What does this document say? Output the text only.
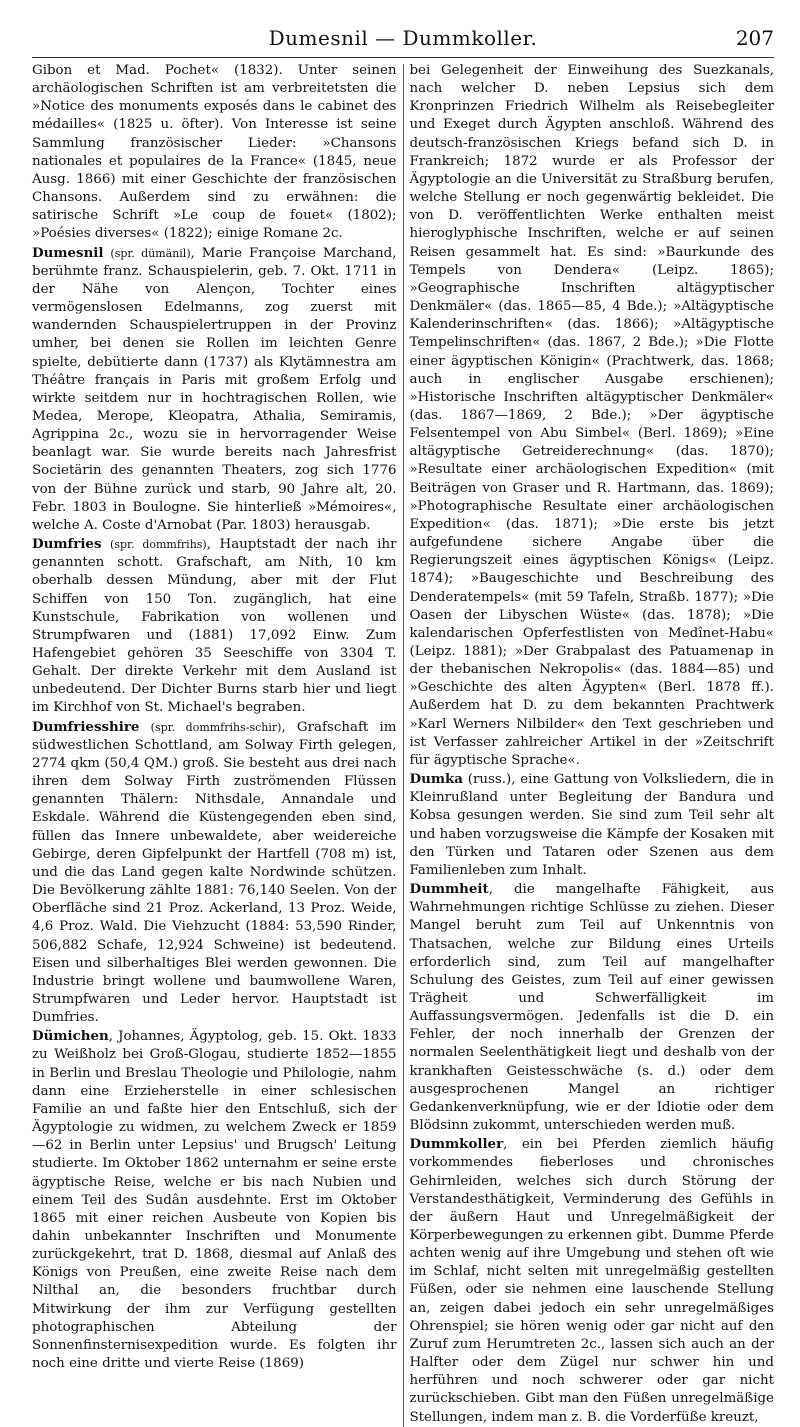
Dumesnil — Dummkoller.	207

Gibon et Mad. Pochet« (1832). Unter seinen archäologischen Schriften ist am verbreitetsten die »Notice des monuments exposés dans le cabinet des médailles« (1825 u. öfter). Von Interesse ist seine Sammlung französischer Lieder: »Chansons nationales et populaires de la France« (1845, neue Ausg. 1866) mit einer Geschichte der französischen Chansons. Außerdem sind zu erwähnen: die satirische Schrift »Le coup de fouet« (1802); »Poésies diverses« (1822); einige Romane 2c.

Dumesnil (spr. dümänil), Marie Françoise Marchand, berühmte franz. Schauspielerin, geb. 7. Okt. 1711 in der Nähe von Alençon, Tochter eines vermögenslosen Edelmanns, zog zuerst mit wandernden Schauspielertruppen in der Provinz umher, bei denen sie Rollen im leichten Genre spielte, debütierte dann (1737) als Klytämnestra am Théâtre français in Paris mit großem Erfolg und wirkte seitdem nur in hochtragischen Rollen, wie Medea, Merope, Kleopatra, Athalia, Semiramis, Agrippina 2c., wozu sie in hervorragender Weise beanlagt war. Sie wurde bereits nach Jahresfrist Societärin des genannten Theaters, zog sich 1776 von der Bühne zurück und starb, 90 Jahre alt, 20. Febr. 1803 in Boulogne. Sie hinterließ »Mémoires«, welche A. Coste d'Arnobat (Par. 1803) herausgab.

Dumfries (spr. dommfrihs), Hauptstadt der nach ihr genannten schott. Grafschaft, am Nith, 10 km oberhalb dessen Mündung, aber mit der Flut Schiffen von 150 Ton. zugänglich, hat eine Kunstschule, Fabrikation von wollenen und Strumpfwaren und (1881) 17,092 Einw. Zum Hafengebiet gehören 35 Seeschiffe von 3304 T. Gehalt. Der direkte Verkehr mit dem Ausland ist unbedeutend. Der Dichter Burns starb hier und liegt im Kirchhof von St. Michael's begraben.

Dumfriesshire (spr. dommfrihs-schir), Grafschaft im südwestlichen Schottland, am Solway Firth gelegen, 2774 qkm (50,4 QM.) groß. Sie besteht aus drei nach ihren dem Solway Firth zuströmenden Flüssen genannten Thälern: Nithsdale, Annandale und Eskdale. Während die Küstengegenden eben sind, füllen das Innere unbewaldete, aber weidereiche Gebirge, deren Gipfelpunkt der Hartfell (708 m) ist, und die das Land gegen kalte Nordwinde schützen. Die Bevölkerung zählte 1881: 76,140 Seelen. Von der Oberfläche sind 21 Proz. Ackerland, 13 Proz. Weide, 4,6 Proz. Wald. Die Viehzucht (1884: 53,590 Rinder, 506,882 Schafe, 12,924 Schweine) ist bedeutend. Eisen und silberhaltiges Blei werden gewonnen. Die Industrie bringt wollene und baumwollene Waren, Strumpfwaren und Leder hervor. Hauptstadt ist Dumfries.

Dümichen, Johannes, Ägyptolog, geb. 15. Okt. 1833 zu Weißholz bei Groß-Glogau, studierte 1852—1855 in Berlin und Breslau Theologie und Philologie, nahm dann eine Erzieherstelle in einer schlesischen Familie an und faßte hier den Entschluß, sich der Ägyptologie zu widmen, zu welchem Zweck er 1859—62 in Berlin unter Lepsius' und Brugsch' Leitung studierte. Im Oktober 1862 unternahm er seine erste ägyptische Reise, welche er bis nach Nubien und einem Teil des Sudân ausdehnte. Erst im Oktober 1865 mit einer reichen Ausbeute von Kopien bis dahin unbekannter Inschriften und Monumente zurückgekehrt, trat D. 1868, diesmal auf Anlaß des Königs von Preußen, eine zweite Reise nach dem Nilthal an, die besonders fruchtbar durch Mitwirkung der ihm zur Verfügung gestellten photographischen Abteilung der Sonnenfinsternisexpedition wurde. Es folgten ihr noch eine dritte und vierte Reise (1869)

bei Gelegenheit der Einweihung des Suezkanals, nach welcher D. neben Lepsius sich dem Kronprinzen Friedrich Wilhelm als Reisebegleiter und Exeget durch Ägypten anschloß. Während des deutsch-französischen Kriegs befand sich D. in Frankreich; 1872 wurde er als Professor der Ägyptologie an die Universität zu Straßburg berufen, welche Stellung er noch gegenwärtig bekleidet. Die von D. veröffentlichten Werke enthalten meist hieroglyphische Inschriften, welche er auf seinen Reisen gesammelt hat. Es sind: »Baurkunde des Tempels von Dendera« (Leipz. 1865); »Geographische Inschriften altägyptischer Denkmäler« (das. 1865—85, 4 Bde.); »Altägyptische Kalenderinschriften« (das. 1866); »Altägyptische Tempelinschriften« (das. 1867, 2 Bde.); »Die Flotte einer ägyptischen Königin« (Prachtwerk, das. 1868; auch in englischer Ausgabe erschienen); »Historische Inschriften altägyptischer Denkmäler« (das. 1867—1869, 2 Bde.); »Der ägyptische Felsentempel von Abu Simbel« (Berl. 1869); »Eine altägyptische Getreiderechnung« (das. 1870); »Resultate einer archäologischen Expedition« (mit Beiträgen von Graser und R. Hartmann, das. 1869); »Photographische Resultate einer archäologischen Expedition« (das. 1871); »Die erste bis jetzt aufgefundene sichere Angabe über die Regierungszeit eines ägyptischen Königs« (Leipz. 1874); »Baugeschichte und Beschreibung des Denderatempels« (mit 59 Tafeln, Straßb. 1877); »Die Oasen der Libyschen Wüste« (das. 1878); »Die kalendarischen Opferfestlisten von Medînet-Habu« (Leipz. 1881); »Der Grabpalast des Patuamenap in der thebanischen Nekropolis« (das. 1884—85) und »Geschichte des alten Ägypten« (Berl. 1878 ff.). Außerdem hat D. zu dem bekannten Prachtwerk »Karl Werners Nilbilder« den Text geschrieben und ist Verfasser zahlreicher Artikel in der »Zeitschrift für ägyptische Sprache«.

Dumka (russ.), eine Gattung von Volksliedern, die in Kleinrußland unter Begleitung der Bandura und Kobsa gesungen werden. Sie sind zum Teil sehr alt und haben vorzugsweise die Kämpfe der Kosaken mit den Türken und Tataren oder Szenen aus dem Familienleben zum Inhalt.

Dummheit, die mangelhafte Fähigkeit, aus Wahrnehmungen richtige Schlüsse zu ziehen. Dieser Mangel beruht zum Teil auf Unkenntnis von Thatsachen, welche zur Bildung eines Urteils erforderlich sind, zum Teil auf mangelhafter Schulung des Geistes, zum Teil auf einer gewissen Trägheit und Schwerfälligkeit im Auffassungsvermögen. Jedenfalls ist die D. ein Fehler, der noch innerhalb der Grenzen der normalen Seelenthätigkeit liegt und deshalb von der krankhaften Geistesschwäche (s. d.) oder dem ausgesprochenen Mangel an richtiger Gedankenverknüpfung, wie er der Idiotie oder dem Blödsinn zukommt, unterschieden werden muß.

Dummkoller, ein bei Pferden ziemlich häufig vorkommendes fieberloses und chronisches Gehirnleiden, welches sich durch Störung der Verstandesthätigkeit, Verminderung des Gefühls in der äußern Haut und Unregelmäßigkeit der Körperbewegungen zu erkennen gibt. Dumme Pferde achten wenig auf ihre Umgebung und stehen oft wie im Schlaf, nicht selten mit unregelmäßig gestellten Füßen, oder sie nehmen eine lauschende Stellung an, zeigen dabei jedoch ein sehr unregelmäßiges Ohrenspiel; sie hören wenig oder gar nicht auf den Zuruf zum Herumtreten 2c., lassen sich auch an der Halfter oder dem Zügel nur schwer hin und herführen und noch schwerer oder gar nicht zurückschieben. Gibt man den Füßen unregelmäßige Stellungen, indem man z. B. die Vorderfüße kreuzt,
